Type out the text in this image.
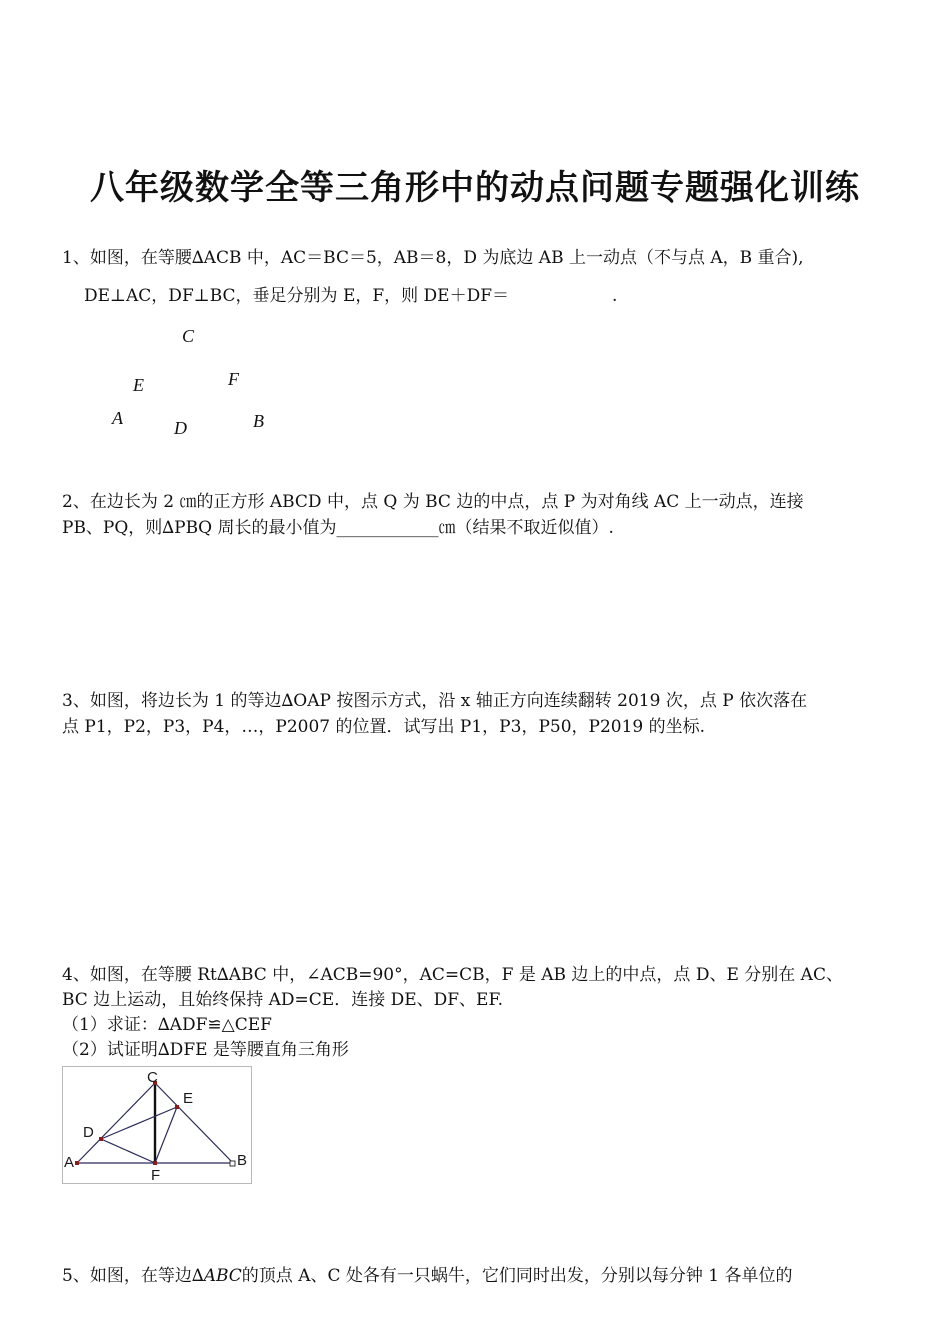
八年级数学全等三角形中的动点问题专题强化训练
1、如图，在等腰∆ACB 中，AC＝BC＝5，AB＝8，D 为底边 AB 上一动点（不与点 A，B 重合),
DE⊥AC，DF⊥BC，垂足分别为 E，F，则 DE＋DF＝	.
C
E	F
A	D	B
2、在边长为 2 ㎝的正方形 ABCD 中，点 Q 为 BC 边的中点，点 P 为对角线 AC 上一动点，连接
PB、PQ，则∆PBQ 周长的最小值为____________㎝（结果不取近似值）.
3、如图，将边长为 1 的等边∆OAP 按图示方式，沿 x 轴正方向连续翻转 2019 次，点 P 依次落在
点 P1，P2，P3，P4，…，P2007 的位置．试写出 P1，P3，P50，P2019 的坐标.
4、如图，在等腰 Rt∆ABC 中，∠ACB=90°，AC=CB，F 是 AB 边上的中点，点 D、E 分别在 AC、
BC 边上运动，且始终保持 AD=CE．连接 DE、DF、EF.
（1）求证：∆ADF≌△CEF
（2）试证明∆DFE 是等腰直角三角形
C
E
D
A
F
B
5、如图，在等边∆ABC的顶点 A、C 处各有一只蜗牛，它们同时出发，分别以每分钟 1 各单位的
